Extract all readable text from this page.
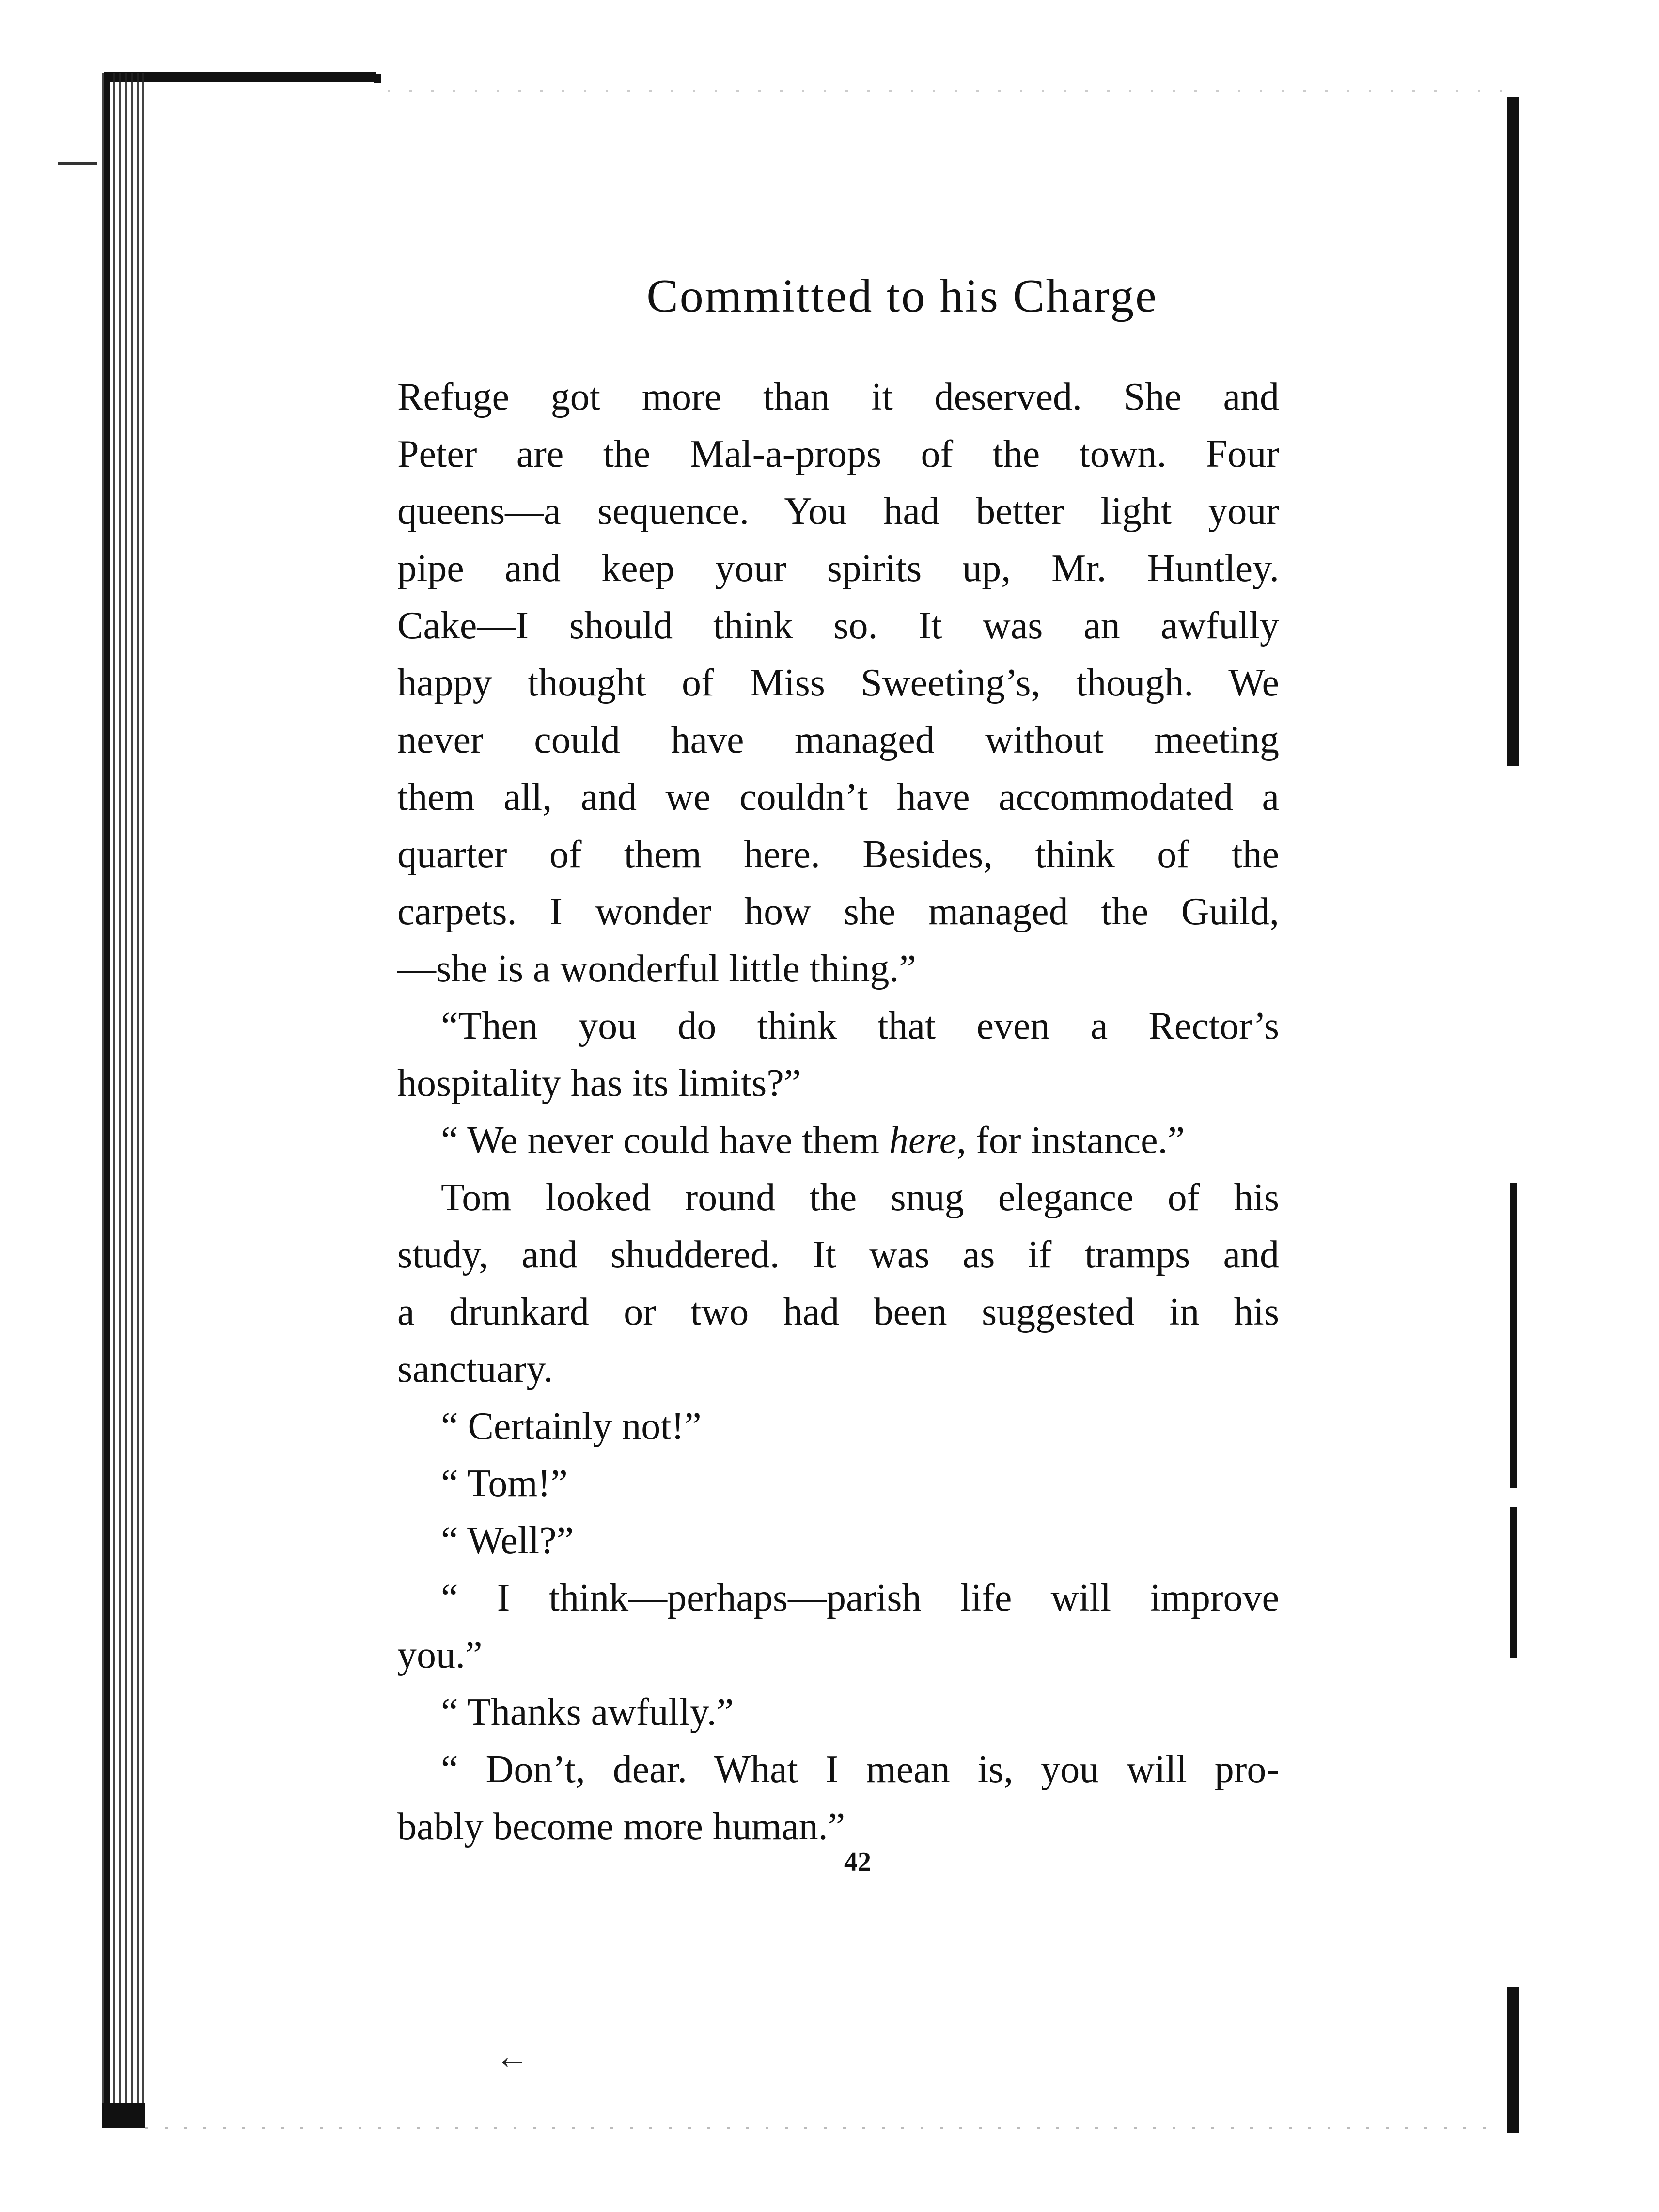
Committed to his Charge
Refuge got more than it deserved. She and
Peter are the Mal-a-props of the town. Four
queens—a sequence. You had better light your
pipe and keep your spirits up, Mr. Huntley.
Cake—I should think so. It was an awfully
happy thought of Miss Sweeting’s, though. We
never could have managed without meeting
them all, and we couldn’t have accommodated a
quarter of them here. Besides, think of the
carpets. I wonder how she managed the Guild,
—she is a wonderful little thing.”
“Then you do think that even a Rector’s
hospitality has its limits?”
“ We never could have them here, for instance.”
Tom looked round the snug elegance of his
study, and shuddered. It was as if tramps and
a drunkard or two had been suggested in his
sanctuary.
“ Certainly not!”
“ Tom!”
“ Well?”
“ I think—perhaps—parish life will improve
you.”
“ Thanks awfully.”
“ Don’t, dear. What I mean is, you will pro-
bably become more human.”
42
←
